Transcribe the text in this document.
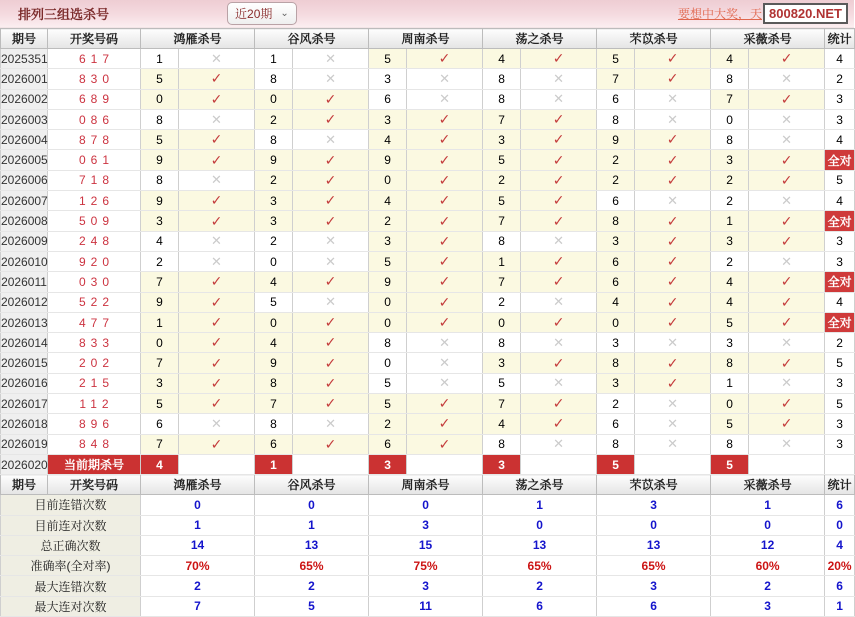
排列三组选杀号	近20期 ⌄	要想中大奖，天 800820.NET
期号	开奖号码	鸿雁杀号		谷风杀号		周南杀号		荡之杀号		芣苡杀号		采薇杀号		统计
2025351	617	1	✕	1	✕	5	✓	4	✓	5	✓	4	✓	4
2026001	830	5	✓	8	✕	3	✕	8	✕	7	✓	8	✕	2
2026002	689	0	✓	0	✓	6	✕	8	✕	6	✕	7	✓	3
2026003	086	8	✕	2	✓	3	✓	7	✓	8	✕	0	✕	3
2026004	878	5	✓	8	✕	4	✓	3	✓	9	✓	8	✕	4
2026005	061	9	✓	9	✓	9	✓	5	✓	2	✓	3	✓	全对
2026006	718	8	✕	2	✓	0	✓	2	✓	2	✓	2	✓	5
2026007	126	9	✓	3	✓	4	✓	5	✓	6	✕	2	✕	4
2026008	509	3	✓	3	✓	2	✓	7	✓	8	✓	1	✓	全对
2026009	248	4	✕	2	✕	3	✓	8	✕	3	✓	3	✓	3
2026010	920	2	✕	0	✕	5	✓	1	✓	6	✓	2	✕	3
2026011	030	7	✓	4	✓	9	✓	7	✓	6	✓	4	✓	全对
2026012	522	9	✓	5	✕	0	✓	2	✕	4	✓	4	✓	4
2026013	477	1	✓	0	✓	0	✓	0	✓	0	✓	5	✓	全对
2026014	833	0	✓	4	✓	8	✕	8	✕	3	✕	3	✕	2
2026015	202	7	✓	9	✓	0	✕	3	✓	8	✓	8	✓	5
2026016	215	3	✓	8	✓	5	✕	5	✕	3	✓	1	✕	3
2026017	112	5	✓	7	✓	5	✓	7	✓	2	✕	0	✓	5
2026018	896	6	✕	8	✕	2	✓	4	✓	6	✕	5	✓	3
2026019	848	7	✓	6	✓	6	✓	8	✕	8	✕	8	✕	3
2026020	当前期杀号	4		1		3		3		5		5		
期号	开奖号码	鸿雁杀号		谷风杀号		周南杀号		荡之杀号		芣苡杀号		采薇杀号		统计
目前连错次数		0		0		0		1		3		1		6
目前连对次数		1		1		3		0		0		0		0
总正确次数		14		13		15		13		13		12		4
准确率(全对率)		70%		65%		75%		65%		65%		60%		20%
最大连错次数		2		2		3		2		3		2		6
最大连对次数		7		5		11		6		6		3		1
